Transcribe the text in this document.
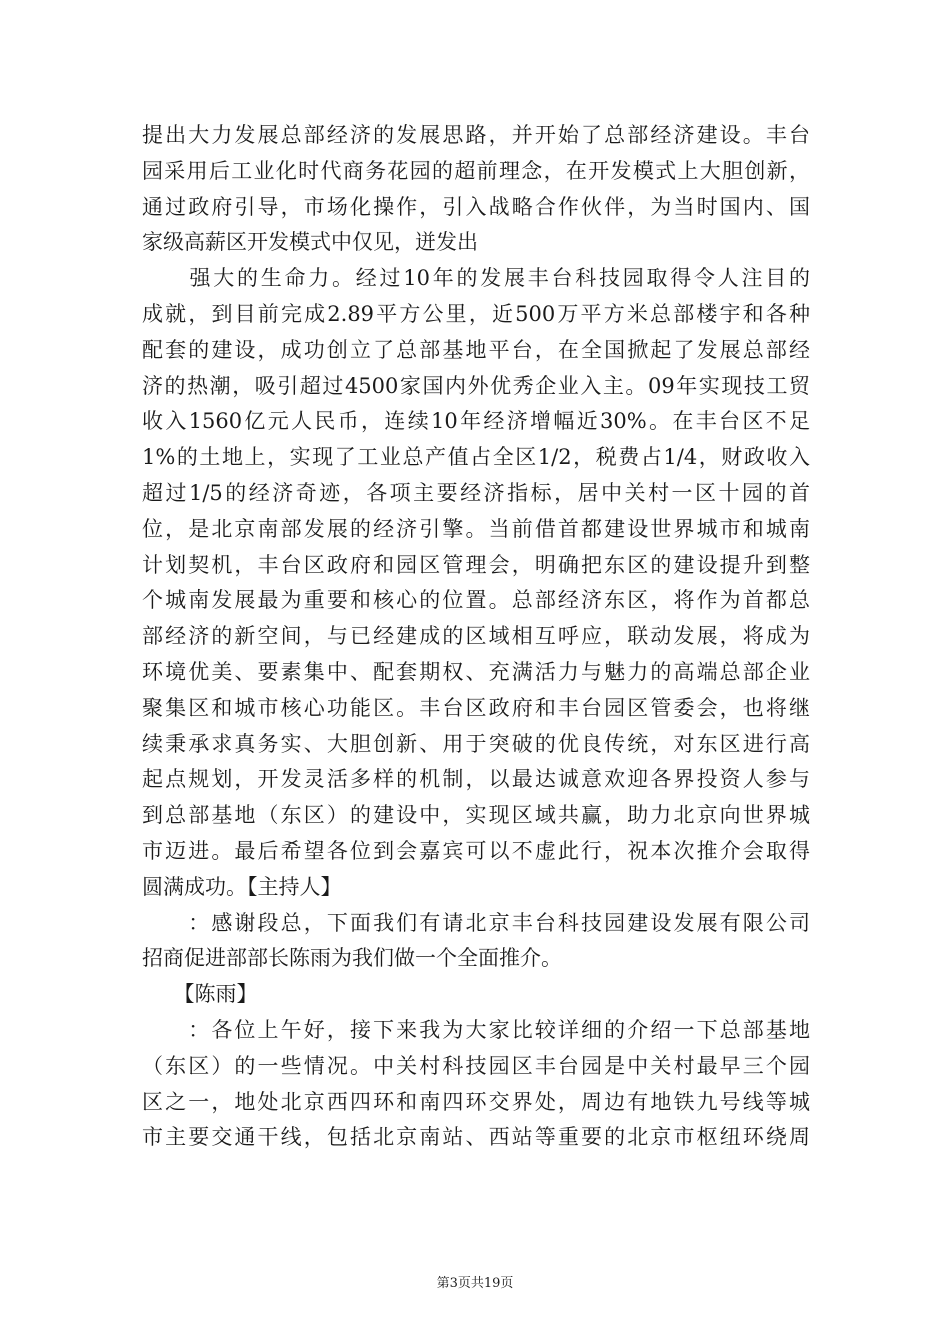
提出大力发展总部经济的发展思路，并开始了总部经济建设。丰台
园采用后工业化时代商务花园的超前理念，在开发模式上大胆创新，
通过政府引导，市场化操作，引入战略合作伙伴，为当时国内、国
家级高薪区开发模式中仅见，迸发出
　　强大的生命力。经过10年的发展丰台科技园取得令人注目的
成就，到目前完成2.89平方公里，近500万平方米总部楼宇和各种
配套的建设，成功创立了总部基地平台，在全国掀起了发展总部经
济的热潮，吸引超过4500家国内外优秀企业入主。09年实现技工贸
收入1560亿元人民币，连续10年经济增幅近30%。在丰台区不足
1%的土地上，实现了工业总产值占全区1/2，税费占1/4，财政收入
超过1/5的经济奇迹，各项主要经济指标，居中关村一区十园的首
位，是北京南部发展的经济引擎。当前借首都建设世界城市和城南
计划契机，丰台区政府和园区管理会，明确把东区的建设提升到整
个城南发展最为重要和核心的位置。总部经济东区，将作为首都总
部经济的新空间，与已经建成的区域相互呼应，联动发展，将成为
环境优美、要素集中、配套期权、充满活力与魅力的高端总部企业
聚集区和城市核心功能区。丰台区政府和丰台园区管委会，也将继
续秉承求真务实、大胆创新、用于突破的优良传统，对东区进行高
起点规划，开发灵活多样的机制，以最达诚意欢迎各界投资人参与
到总部基地（东区）的建设中，实现区域共赢，助力北京向世界城
市迈进。最后希望各位到会嘉宾可以不虚此行，祝本次推介会取得
圆满成功。【主持人】
　　：感谢段总，下面我们有请北京丰台科技园建设发展有限公司
招商促进部部长陈雨为我们做一个全面推介。
　　【陈雨】
　　：各位上午好，接下来我为大家比较详细的介绍一下总部基地
（东区）的一些情况。中关村科技园区丰台园是中关村最早三个园
区之一，地处北京西四环和南四环交界处，周边有地铁九号线等城
市主要交通干线，包括北京南站、西站等重要的北京市枢纽环绕周
第3页共19页
